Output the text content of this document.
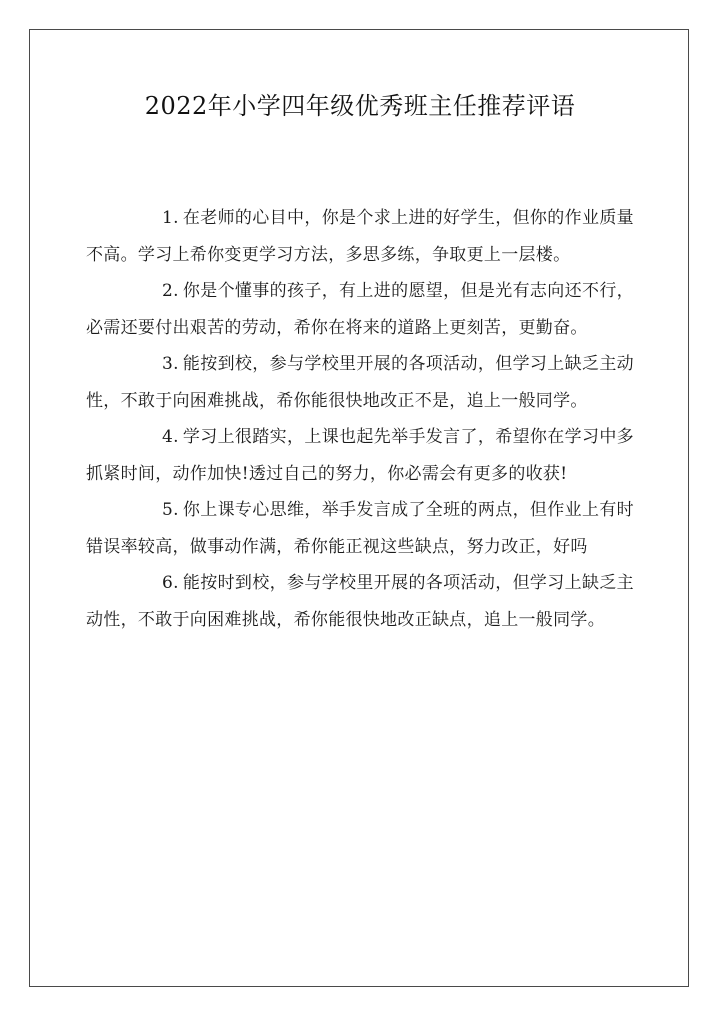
2022年小学四年级优秀班主任推荐评语

1. 在老师的心目中，你是个求上进的好学生，但你的作业质量不高。学习上希你变更学习方法，多思多练，争取更上一层楼。

2. 你是个懂事的孩子，有上进的愿望，但是光有志向还不行，必需还要付出艰苦的劳动，希你在将来的道路上更刻苦，更勤奋。

3. 能按到校，参与学校里开展的各项活动，但学习上缺乏主动性，不敢于向困难挑战，希你能很快地改正不是，追上一般同学。

4. 学习上很踏实，上课也起先举手发言了，希望你在学习中多抓紧时间，动作加快!透过自己的努力，你必需会有更多的收获!

5. 你上课专心思维，举手发言成了全班的两点，但作业上有时错误率较高，做事动作满，希你能正视这些缺点，努力改正，好吗

6. 能按时到校，参与学校里开展的各项活动，但学习上缺乏主动性，不敢于向困难挑战，希你能很快地改正缺点，追上一般同学。
